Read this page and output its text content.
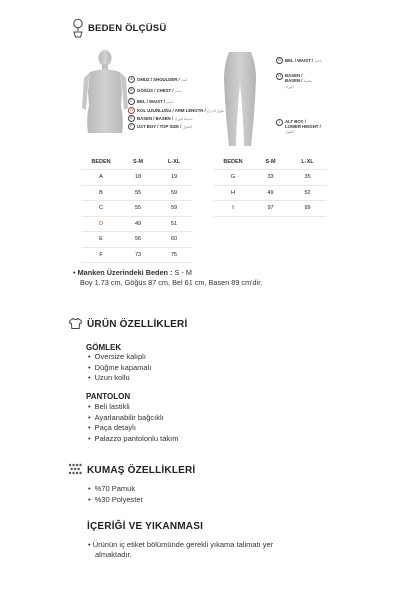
BEDEN ÖLÇÜSÜ
A	OMUZ / SHOULDER / كتف
B	GÖĞÜS / CHEST / صدر
C BEL / WAIST / خصر
D KOL UZUNLUĞU / ARM LENGTH / طول الذراع
E	BASEN / BASEN / محيط الورك
F	ÜST BOY / TOP SIZE / الطول
G BEL / WAIST / خصر
H BASEN / BASEN / محيط الورك
I	ALT BOY / LOWER HEIGHT / الطول
BEDEN	S-M	L-XL
A	18	19
B	55	59
C	55	59
D	49	51
E	56	60
F	73	75
BEDEN	S-M	L-XL
G	33	35
H	49	52
I	97	99
• Manken Üzerindeki Beden : S - M
Boy 1.73 cm, Göğüs 87 cm, Bel 61 cm, Basen 89 cm'dir.
ÜRÜN ÖZELLİKLERİ
GÖMLEK
• Oversize kalıplı
• Düğme kapamalı
• Uzun kollu
PANTOLON
• Beli lastikli
• Ayarlanabilir bağcıklı
• Paça detaylı
• Palazzo pantolonlu takım
KUMAŞ ÖZELLİKLERİ
• %70 Pamuk
• %30 Polyester
İÇERİĞİ VE YIKANMASI
• Ürünün iç etiket bölümünde gerekli yıkama talimatı yer
almaktadır.
